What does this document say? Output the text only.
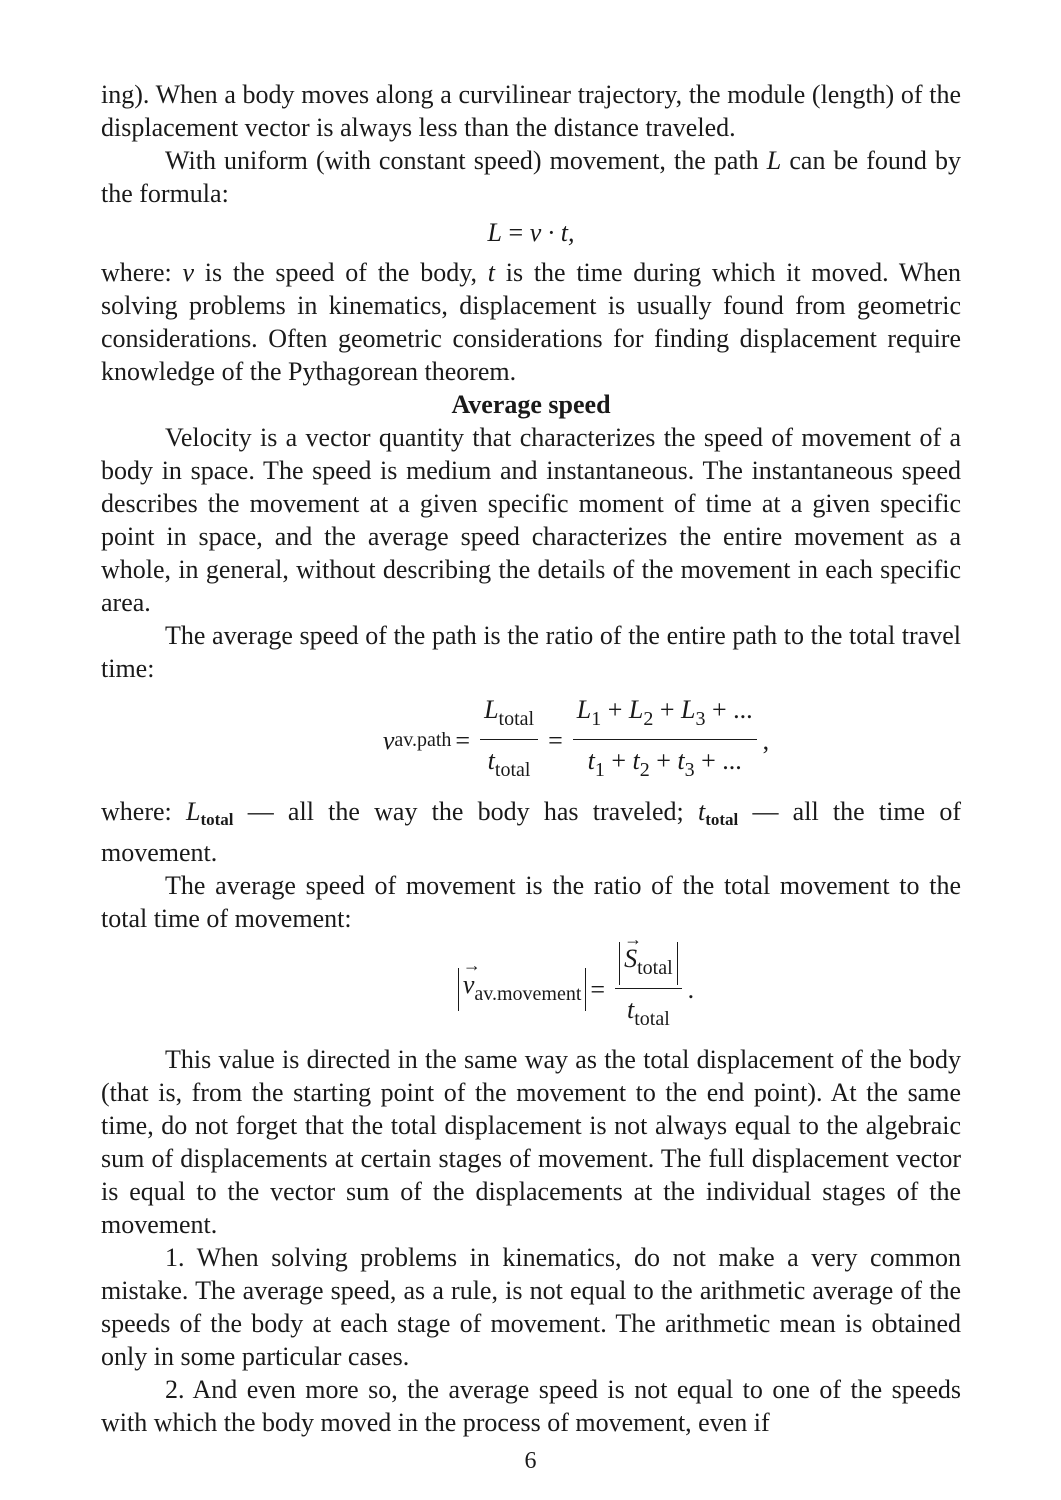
ing). When a body moves along a curvilinear trajectory, the module (length) of the displacement vector is always less than the distance traveled.

With uniform (with constant speed) movement, the path L can be found by the formula:

L = v · t,

where: v is the speed of the body, t is the time during which it moved. When solving problems in kinematics, displacement is usually found from geometric considerations. Often geometric considerations for finding displacement require knowledge of the Pythagorean theorem.

Average speed

Velocity is a vector quantity that characterizes the speed of movement of a body in space. The speed is medium and instantaneous. The instantaneous speed describes the movement at a given specific moment of time at a given specific point in space, and the average speed characterizes the entire movement as a whole, in general, without describing the details of the movement in each specific area.

The average speed of the path is the ratio of the entire path to the total travel time:

v av.path = $\frac{L_{total}}{t_{total}} = \frac{L_1 + L_2 + L_3 + ...}{t_1 + t_2 + t_3 + ...}$ ,

where: Ltotal — all the way the body has traveled; ttotal — all the time of movement.

The average speed of movement is the ratio of the total movement to the total time of movement:

→ $v_{av.movement}$ =
→ $\frac{S_{total}}{t_{total}}$ .

This value is directed in the same way as the total displacement of the body (that is, from the starting point of the movement to the end point). At the same time, do not forget that the total displacement is not always equal to the algebraic sum of displacements at certain stages of movement. The full displacement vector is equal to the vector sum of the displacements at the individual stages of the movement.

1. When solving problems in kinematics, do not make a very common mistake. The average speed, as a rule, is not equal to the arithmetic average of the speeds of the body at each stage of movement. The arithmetic mean is obtained only in some particular cases.

2. And even more so, the average speed is not equal to one of the speeds with which the body moved in the process of movement, even if

6
